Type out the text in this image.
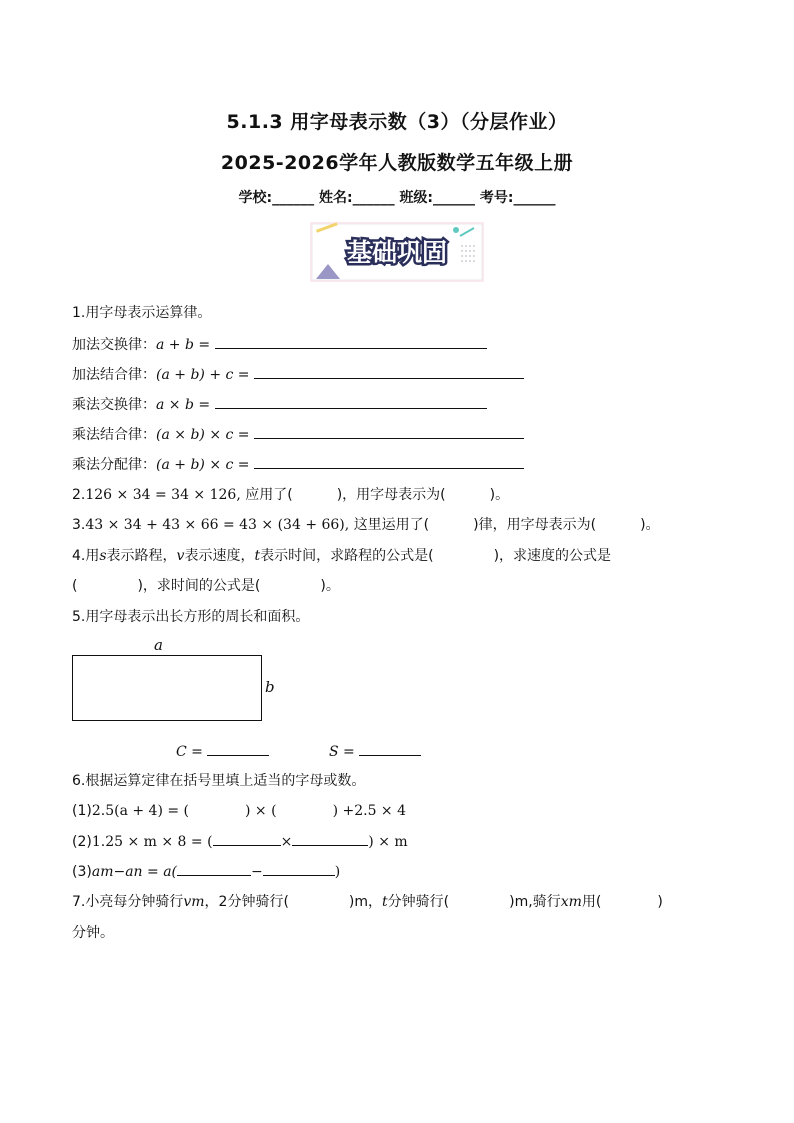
5.1.3 用字母表示数（3）（分层作业）
2025-2026学年人教版数学五年级上册
学校:______ 姓名:______ 班级:______ 考号:______
基础巩固
1.用字母表示运算律。
加法交换律：a + b =
加法结合律：(a + b) + c =
乘法交换律：a × b =
乘法结合律：(a × b) × c =
乘法分配律：(a + b) × c =
2.126 × 34 = 34 × 126, 应用了(	)，用字母表示为(	)。
3.43 × 34 + 43 × 66 = 43 × (34 + 66), 这里运用了(	)律，用字母表示为(	)。
4.用s表示路程，v表示速度，t表示时间，求路程的公式是(	)，求速度的公式是
(	)，求时间的公式是(	)。
5.用字母表示出长方形的周长和面积。
a
b
C =	S =
6.根据运算定律在括号里填上适当的字母或数。
(1)2.5(a + 4) = (	) × (	) +2.5 × 4
(2)1.25 × m × 8 = (	×	) × m
(3)am−an = a(	−	)
7.小亮每分钟骑行vm，2分钟骑行(	)m，t分钟骑行(	)m,骑行xm用(	)
分钟。
